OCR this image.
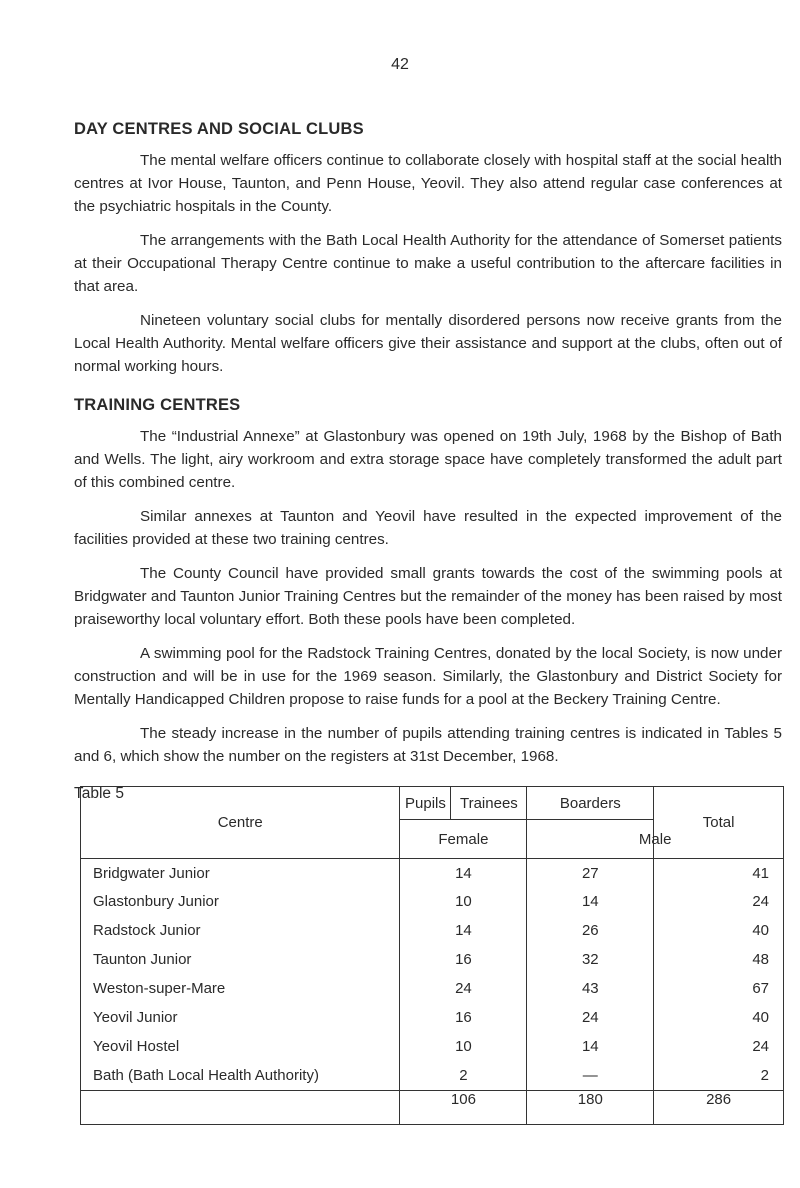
42
DAY CENTRES AND SOCIAL CLUBS

The mental welfare officers continue to collaborate closely with hospital staff at the social health centres at Ivor House, Taunton, and Penn House, Yeovil. They also attend regular case conferences at the psychiatric hospitals in the County.

The arrangements with the Bath Local Health Authority for the attendance of Somerset patients at their Occupational Therapy Centre continue to make a useful contribution to the aftercare facilities in that area.

Nineteen voluntary social clubs for mentally disordered persons now receive grants from the Local Health Authority. Mental welfare officers give their assistance and support at the clubs, often out of normal working hours.

TRAINING CENTRES

The “Industrial Annexe” at Glastonbury was opened on 19th July, 1968 by the Bishop of Bath and Wells. The light, airy workroom and extra storage space have completely transformed the adult part of this combined centre.

Similar annexes at Taunton and Yeovil have resulted in the expected improvement of the facilities provided at these two training centres.

The County Council have provided small grants towards the cost of the swimming pools at Bridgwater and Taunton Junior Training Centres but the remainder of the money has been raised by most praiseworthy local voluntary effort. Both these pools have been completed.

A swimming pool for the Radstock Training Centres, donated by the local Society, is now under construction and will be in use for the 1969 season. Similarly, the Glastonbury and District Society for Mentally Handicapped Children propose to raise funds for a pool at the Beckery Training Centre.

The steady increase in the number of pupils attending training centres is indicated in Tables 5 and 6, which show the number on the registers at 31st December, 1968.

Table 5
Centre	Pupils	Trainees	Boarders	Total
	Female		Male	
Bridgwater Junior	14		27	41
Glastonbury Junior	10		14	24
Radstock Junior	14		26	40
Taunton Junior	16		32	48
Weston-super-Mare	24		43	67
Yeovil Junior	16		24	40
Yeovil Hostel	10		14	24
Bath (Bath Local Health Authority)	2		—	2
	106		180	286
